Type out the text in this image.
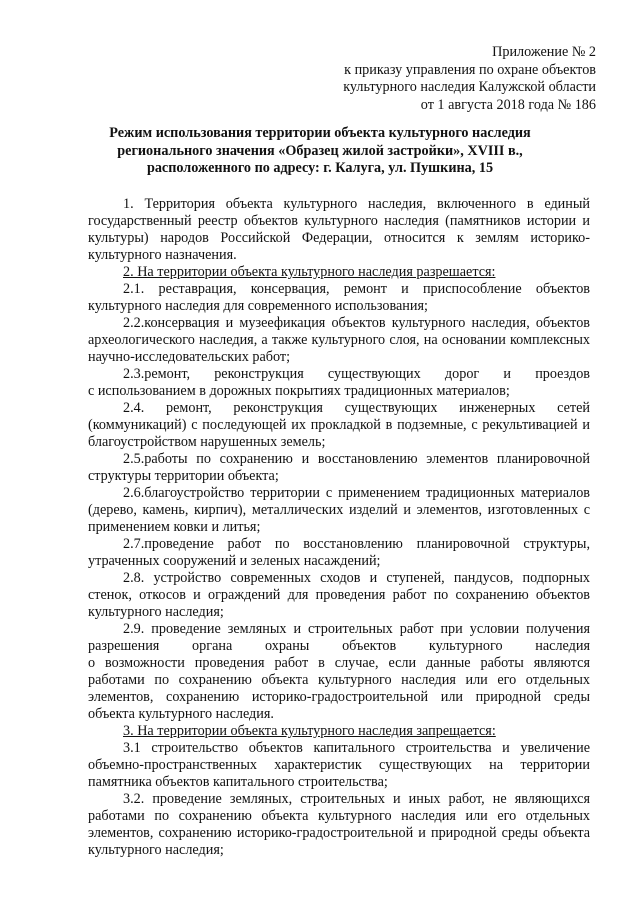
Приложение № 2
к приказу управления по охране объектов
культурного наследия Калужской области
от 1 августа 2018 года № 186
Режим использования территории объекта культурного наследия
регионального значения «Образец жилой застройки», XVIII в.,
расположенного по адресу: г. Калуга, ул. Пушкина, 15

1. Территория объекта культурного наследия, включенного в единый государственный реестр объектов культурного наследия (памятников истории и культуры) народов Российской Федерации, относится к землям историко-культурного назначения.

2. На территории объекта культурного наследия разрешается:

2.1. реставрация, консервация, ремонт и приспособление объектов культурного наследия для современного использования;

2.2.консервация и музеефикация объектов культурного наследия, объектов археологического наследия, а также культурного слоя, на основании комплексных научно-исследовательских работ;

2.3.ремонт, реконструкция существующих дорог и проездов

с использованием в дорожных покрытиях традиционных материалов;

2.4. ремонт, реконструкция существующих инженерных сетей (коммуникаций) с последующей их прокладкой в подземные, с рекультивацией и благоустройством нарушенных земель;

2.5.работы по сохранению и восстановлению элементов планировочной структуры территории объекта;

2.6.благоустройство территории с применением традиционных материалов (дерево, камень, кирпич), металлических изделий и элементов, изготовленных с применением ковки и литья;

2.7.проведение работ по восстановлению планировочной структуры, утраченных сооружений и зеленых насаждений;

2.8. устройство современных сходов и ступеней, пандусов, подпорных стенок, откосов и ограждений для проведения работ по сохранению объектов культурного наследия;

2.9. проведение земляных и строительных работ при условии получения разрешения органа охраны объектов культурного наследия

о возможности проведения работ в случае, если данные работы являются работами по сохранению объекта культурного наследия или его отдельных элементов, сохранению историко-градостроительной или природной среды объекта культурного наследия.

3. На территории объекта культурного наследия запрещается:

3.1 строительство объектов капитального строительства и увеличение объемно-пространственных характеристик существующих на территории памятника объектов капитального строительства;

3.2. проведение земляных, строительных и иных работ, не являющихся работами по сохранению объекта культурного наследия или его отдельных элементов, сохранению историко-градостроительной и природной среды объекта культурного наследия;
